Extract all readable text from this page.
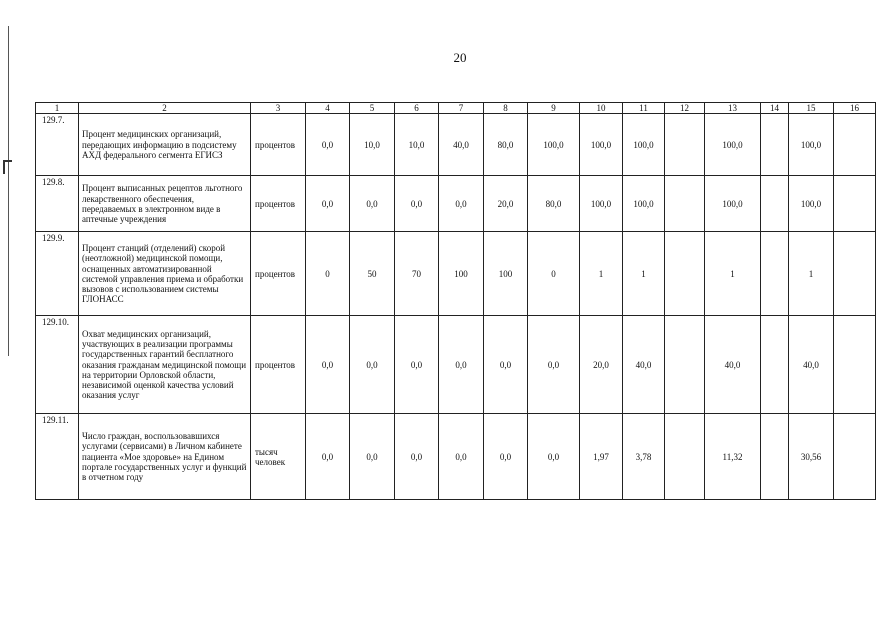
20
1	2	3	4	5	6	7	8	9	10	11	12	13	14	15	16
129.7.	Процент медицинских организаций, передающих информацию в подсистему АХД федерального сегмента ЕГИСЗ	процентов	0,0	10,0	10,0	40,0	80,0	100,0	100,0	100,0		100,0		100,0	
129.8.	Процент выписанных рецептов льготного лекарственного обеспечения, передаваемых в электронном виде в аптечные учреждения	процентов	0,0	0,0	0,0	0,0	20,0	80,0	100,0	100,0		100,0		100,0	
129.9.	Процент станций (отделений) скорой (неотложной) медицинской помощи, оснащенных автоматизированной системой управления приема и обработки вызовов с использованием системы ГЛОНАСС	процентов	0	50	70	100	100	0	1	1		1		1	
129.10.	Охват медицинских организаций, участвующих в реализации программы государственных гарантий бесплатного оказания гражданам медицинской помощи на территории Орловской области, независимой оценкой качества условий оказания услуг	процентов	0,0	0,0	0,0	0,0	0,0	0,0	20,0	40,0		40,0		40,0	
129.11.	Число граждан, воспользовавшихся услугами (сервисами) в Личном кабинете пациента «Мое здоровье» на Едином портале государственных услуг и функций в отчетном году	тысяч человек	0,0	0,0	0,0	0,0	0,0	0,0	1,97	3,78		11,32		30,56	
